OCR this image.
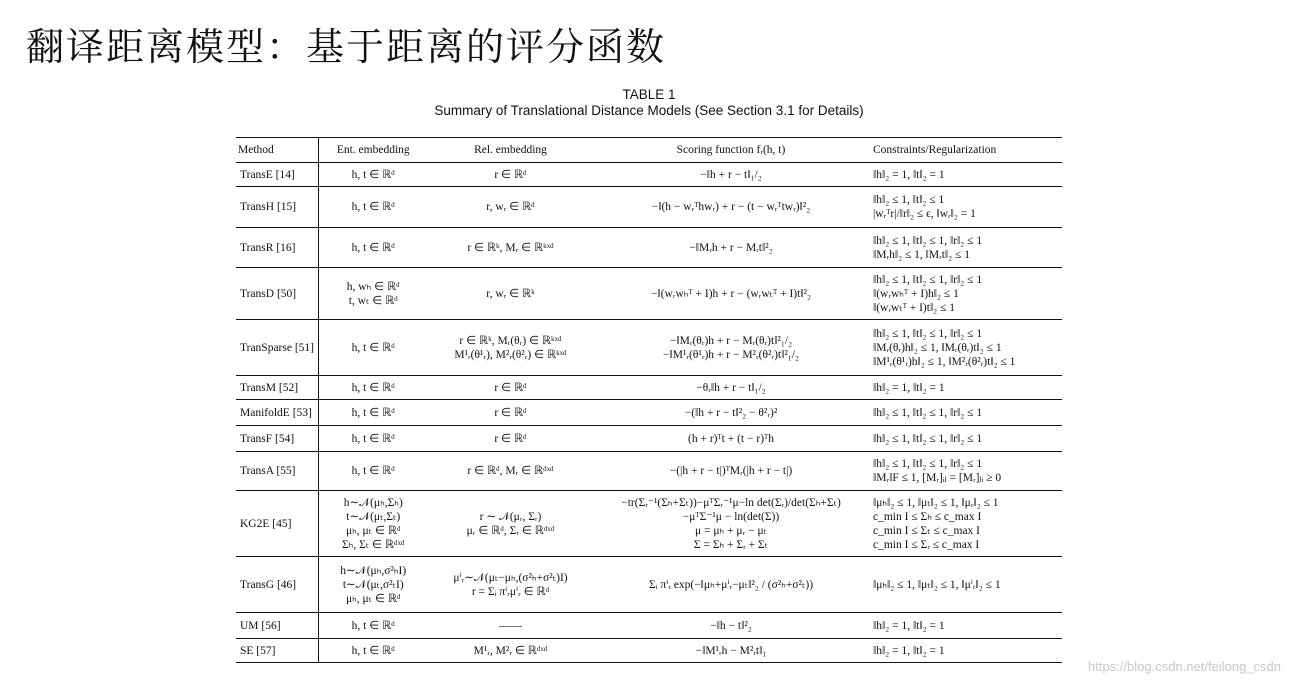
翻译距离模型：基于距离的评分函数
TABLE 1
Summary of Translational Distance Models (See Section 3.1 for Details)
Method	Ent. embedding	Rel. embedding	Scoring function fᵣ(h, t)	Constraints/Regularization
TransE [14]	h, t ∈ ℝᵈ	r ∈ ℝᵈ	−‖h + r − t‖₁/₂	‖h‖₂ = 1, ‖t‖₂ = 1

TransH [15]	h, t ∈ ℝᵈ	r, wᵣ ∈ ℝᵈ	−‖(h − wᵣᵀhwᵣ) + r − (t − wᵣᵀtwᵣ)‖²₂	‖h‖₂ ≤ 1, ‖t‖₂ ≤ 1
|wᵣᵀr|/‖r‖₂ ≤ ϵ, ‖wᵣ‖₂ = 1

TransR [16]	h, t ∈ ℝᵈ	r ∈ ℝᵏ, Mᵣ ∈ ℝᵏˣᵈ	−‖Mᵣh + r − Mᵣt‖²₂	‖h‖₂ ≤ 1, ‖t‖₂ ≤ 1, ‖r‖₂ ≤ 1
‖Mᵣh‖₂ ≤ 1, ‖Mᵣt‖₂ ≤ 1

TransD [50]	h, wₕ ∈ ℝᵈ
t, wₜ ∈ ℝᵈ	r, wᵣ ∈ ℝᵏ	−‖(wᵣwₕᵀ + I)h + r − (wᵣwₜᵀ + I)t‖²₂	‖h‖₂ ≤ 1, ‖t‖₂ ≤ 1, ‖r‖₂ ≤ 1
‖(wᵣwₕᵀ + I)h‖₂ ≤ 1
‖(wᵣwₜᵀ + I)t‖₂ ≤ 1

TranSparse [51]	h, t ∈ ℝᵈ	r ∈ ℝᵏ, Mᵣ(θᵣ) ∈ ℝᵏˣᵈ
M¹ᵣ(θ¹ᵣ), M²ᵣ(θ²ᵣ) ∈ ℝᵏˣᵈ	−‖Mᵣ(θᵣ)h + r − Mᵣ(θᵣ)t‖²₁/₂
−‖M¹ᵣ(θ¹ᵣ)h + r − M²ᵣ(θ²ᵣ)t‖²₁/₂	‖h‖₂ ≤ 1, ‖t‖₂ ≤ 1, ‖r‖₂ ≤ 1
‖Mᵣ(θᵣ)h‖₂ ≤ 1, ‖Mᵣ(θᵣ)t‖₂ ≤ 1
‖M¹ᵣ(θ¹ᵣ)h‖₂ ≤ 1, ‖M²ᵣ(θ²ᵣ)t‖₂ ≤ 1

TransM [52]	h, t ∈ ℝᵈ	r ∈ ℝᵈ	−θᵣ‖h + r − t‖₁/₂	‖h‖₂ = 1, ‖t‖₂ = 1

ManifoldE [53]	h, t ∈ ℝᵈ	r ∈ ℝᵈ	−(‖h + r − t‖²₂ − θ²ᵣ)²	‖h‖₂ ≤ 1, ‖t‖₂ ≤ 1, ‖r‖₂ ≤ 1

TransF [54]	h, t ∈ ℝᵈ	r ∈ ℝᵈ	(h + r)ᵀt + (t − r)ᵀh	‖h‖₂ ≤ 1, ‖t‖₂ ≤ 1, ‖r‖₂ ≤ 1

TransA [55]	h, t ∈ ℝᵈ	r ∈ ℝᵈ, Mᵣ ∈ ℝᵈˣᵈ	−(|h + r − t|)ᵀMᵣ(|h + r − t|)	‖h‖₂ ≤ 1, ‖t‖₂ ≤ 1, ‖r‖₂ ≤ 1
‖Mᵣ‖F ≤ 1, [Mᵣ]ᵢⱼ = [Mᵣ]ⱼᵢ ≥ 0

KG2E [45]	h∼𝒩(μₕ,Σₕ)
t∼𝒩(μₜ,Σₜ)
μₕ, μₜ ∈ ℝᵈ
Σₕ, Σₜ ∈ ℝᵈˣᵈ	r ∼ 𝒩(μᵣ, Σᵣ)
μᵣ ∈ ℝᵈ, Σᵣ ∈ ℝᵈˣᵈ	−tr(Σᵣ⁻¹(Σₕ+Σₜ))−μᵀΣᵣ⁻¹μ−ln det(Σᵣ)/det(Σₕ+Σₜ)
−μᵀΣ⁻¹μ − ln(det(Σ))
μ = μₕ + μᵣ − μₜ
Σ = Σₕ + Σᵣ + Σₜ	‖μₕ‖₂ ≤ 1, ‖μₜ‖₂ ≤ 1, ‖μᵣ‖₂ ≤ 1
c_min I ≤ Σₕ ≤ c_max I
c_min I ≤ Σₜ ≤ c_max I
c_min I ≤ Σᵣ ≤ c_max I

TransG [46]	h∼𝒩(μₕ,σ²ₕI)
t∼𝒩(μₜ,σ²ₜI)
μₕ, μₜ ∈ ℝᵈ	μⁱᵣ∼𝒩(μₜ−μₕ,(σ²ₕ+σ²ₜ)I)
r = Σᵢ πⁱᵣμⁱᵣ ∈ ℝᵈ	Σᵢ πⁱᵣ exp(−‖μₕ+μⁱᵣ−μₜ‖²₂ / (σ²ₕ+σ²ₜ))	‖μₕ‖₂ ≤ 1, ‖μₜ‖₂ ≤ 1, ‖μⁱᵣ‖₂ ≤ 1

UM [56]	h, t ∈ ℝᵈ	——	−‖h − t‖²₂	‖h‖₂ = 1, ‖t‖₂ = 1

SE [57]	h, t ∈ ℝᵈ	M¹ᵣ, M²ᵣ ∈ ℝᵈˣᵈ	−‖M¹ᵣh − M²ᵣt‖₁	‖h‖₂ = 1, ‖t‖₂ = 1
https://blog.csdn.net/feilong_csdn
